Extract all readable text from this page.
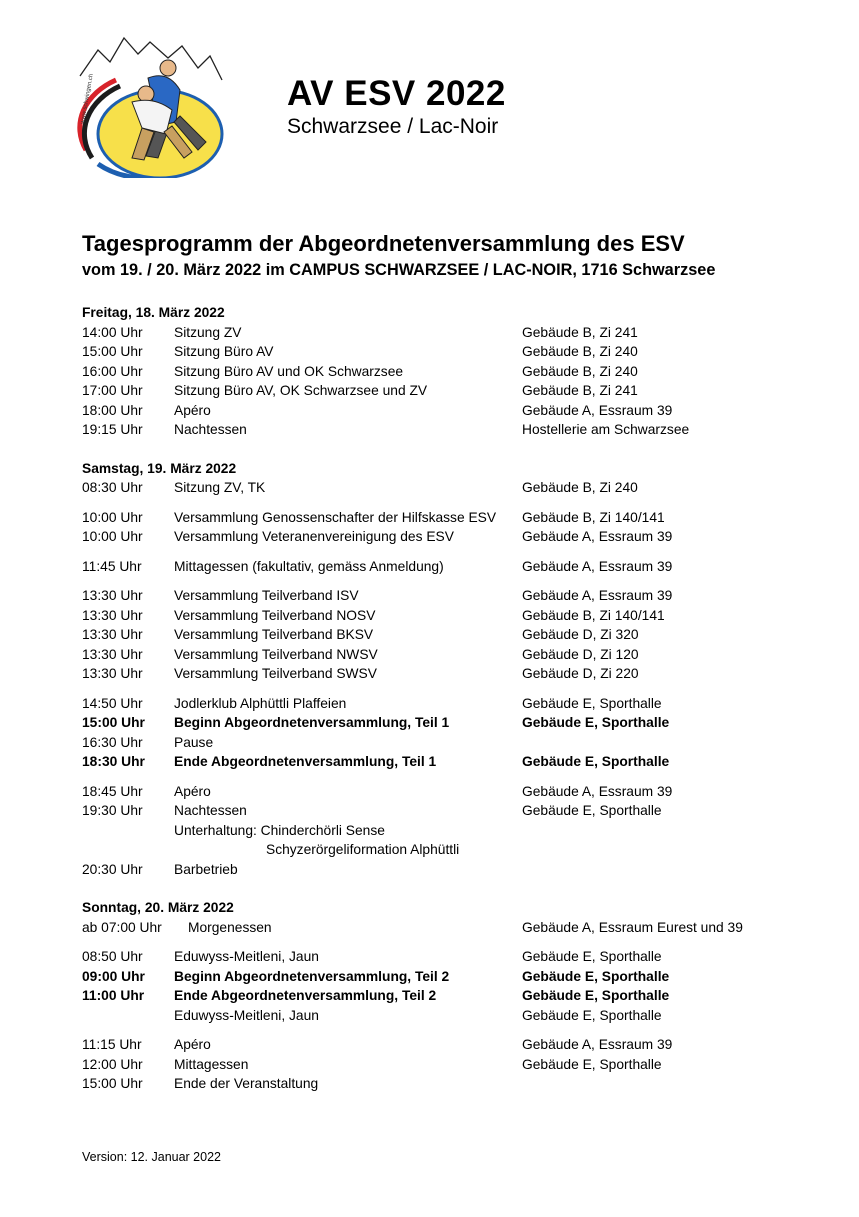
www.schwingen.ch	AV ESV 2022
Schwarzsee / Lac-Noir
Tagesprogramm der Abgeordnetenversammlung des ESV
vom 19. / 20. März 2022 im CAMPUS SCHWARZSEE / LAC-NOIR, 1716 Schwarzsee
Freitag, 18. März 2022
14:00 Uhr Sitzung ZV	Gebäude B, Zi 241
15:00 Uhr Sitzung Büro AV	Gebäude B, Zi 240
16:00 Uhr Sitzung Büro AV und OK Schwarzsee	Gebäude B, Zi 240
17:00 Uhr Sitzung Büro AV, OK Schwarzsee und ZV	Gebäude B, Zi 241
18:00 Uhr Apéro	Gebäude A, Essraum 39
19:15 Uhr Nachtessen	Hostellerie am Schwarzsee
Samstag, 19. März 2022
08:30 Uhr Sitzung ZV, TK	Gebäude B, Zi 240
10:00 Uhr Versammlung Genossenschafter der Hilfskasse ESV Gebäude B, Zi 140/141
10:00 Uhr Versammlung Veteranenvereinigung des ESV	Gebäude A, Essraum 39
11:45 Uhr Mittagessen (fakultativ, gemäss Anmeldung)	Gebäude A, Essraum 39
13:30 Uhr Versammlung Teilverband ISV	Gebäude A, Essraum 39
13:30 Uhr Versammlung Teilverband NOSV	Gebäude B, Zi 140/141
13:30 Uhr Versammlung Teilverband BKSV	Gebäude D, Zi 320
13:30 Uhr Versammlung Teilverband NWSV	Gebäude D, Zi 120
13:30 Uhr Versammlung Teilverband SWSV	Gebäude D, Zi 220
14:50 Uhr Jodlerklub Alphüttli Plaffeien	Gebäude E, Sporthalle
15:00 Uhr Beginn Abgeordnetenversammlung, Teil 1	Gebäude E, Sporthalle
16:30 Uhr Pause
18:30 Uhr Ende Abgeordnetenversammlung, Teil 1	Gebäude E, Sporthalle
18:45 Uhr Apéro	Gebäude A, Essraum 39
19:30 Uhr Nachtessen	Gebäude E, Sporthalle
Unterhaltung: Chinderchörli Sense
Schyzerörgeliformation Alphüttli
20:30 Uhr Barbetrieb
Sonntag, 20. März 2022
ab 07:00 Uhr Morgenessen	Gebäude A, Essraum Eurest und 39
08:50 Uhr Eduwyss-Meitleni, Jaun	Gebäude E, Sporthalle
09:00 Uhr Beginn Abgeordnetenversammlung, Teil 2	Gebäude E, Sporthalle
11:00 Uhr Ende Abgeordnetenversammlung, Teil 2	Gebäude E, Sporthalle
Eduwyss-Meitleni, Jaun	Gebäude E, Sporthalle
11:15 Uhr Apéro	Gebäude A, Essraum 39
12:00 Uhr Mittagessen	Gebäude E, Sporthalle
15:00 Uhr Ende der Veranstaltung
Version: 12. Januar 2022
